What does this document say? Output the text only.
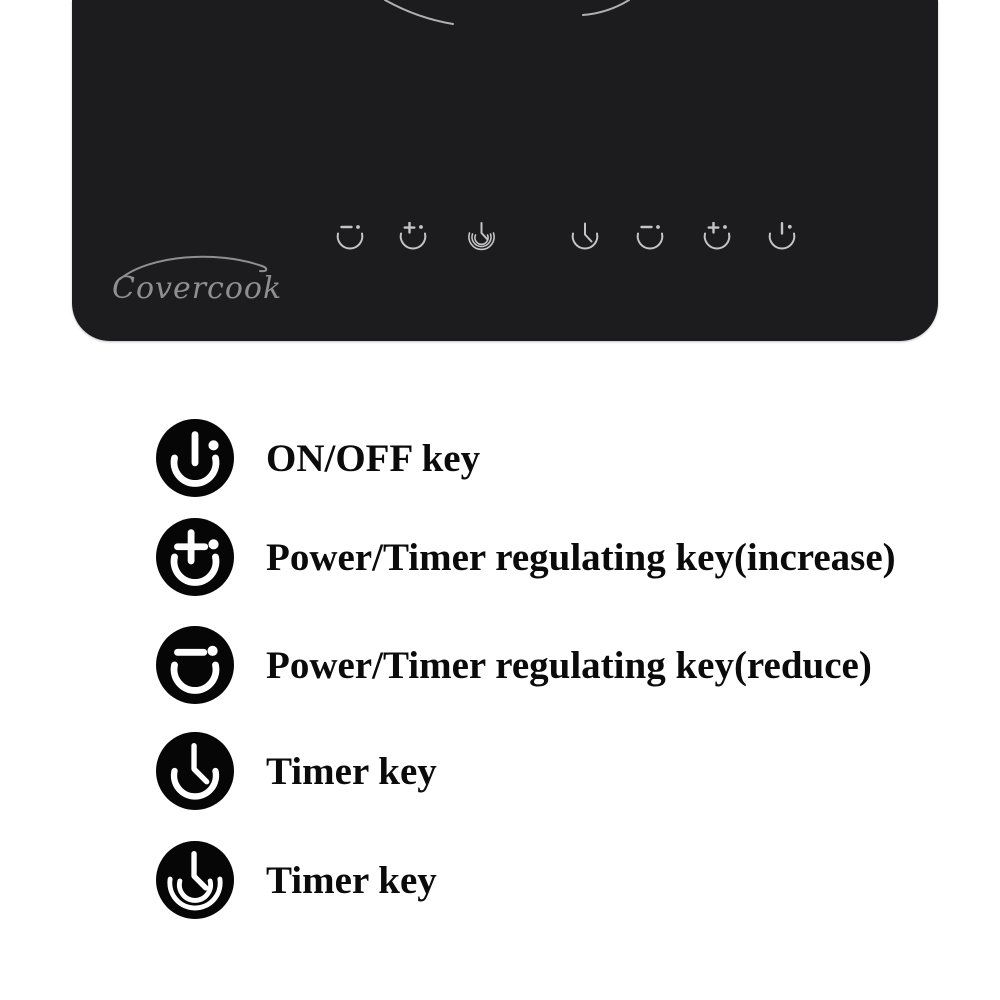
Covercook
ON/OFF key
Power/Timer regulating key(increase)
Power/Timer regulating key(reduce)
Timer key
Timer key
